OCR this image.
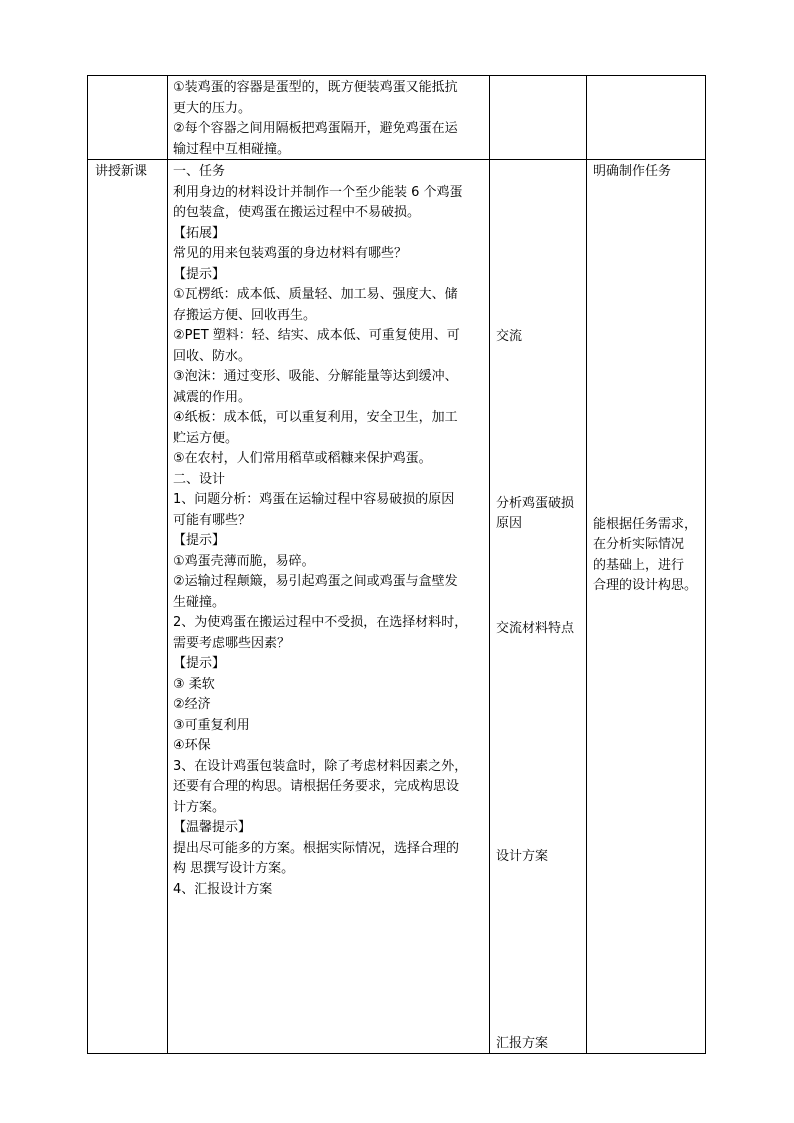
①装鸡蛋的容器是蛋型的，既方便装鸡蛋又能抵抗

更大的压力。

②每个容器之间用隔板把鸡蛋隔开，避免鸡蛋在运

输过程中互相碰撞。

讲授新课 一、任务

利用身边的材料设计并制作一个至少能装 6 个鸡蛋

的包装盒，使鸡蛋在搬运过程中不易破损。

【拓展】

常见的用来包装鸡蛋的身边材料有哪些？

【提示】

①瓦楞纸：成本低、质量轻、加工易、强度大、储

存搬运方便、回收再生。

②PET 塑料：轻、结实、成本低、可重复使用、可

回收、防水。

③泡沫：通过变形、吸能、分解能量等达到缓冲、

减震的作用。

④纸板：成本低，可以重复利用，安全卫生，加工

贮运方便。

⑤在农村，人们常用稻草或稻糠来保护鸡蛋。

二、设计

1、问题分析：鸡蛋在运输过程中容易破损的原因

可能有哪些？

【提示】

①鸡蛋壳薄而脆，易碎。

②运输过程颠簸，易引起鸡蛋之间或鸡蛋与盒壁发

生碰撞。

2、为使鸡蛋在搬运过程中不受损，在选择材料时，

需要考虑哪些因素？

【提示】

③ 柔软

②经济

③可重复利用

④环保

3、在设计鸡蛋包装盒时，除了考虑材料因素之外，

还要有合理的构思。请根据任务要求，完成构思设

计方案。

【温馨提示】

提出尽可能多的方案。根据实际情况，选择合理的

构 思撰写设计方案。

4、汇报设计方案

交流
分析鸡蛋破损
原因
交流材料特点
设计方案
汇报方案
明确制作任务
能根据任务需求，
在分析实际情况
的基础上，进行
合理的设计构思。
